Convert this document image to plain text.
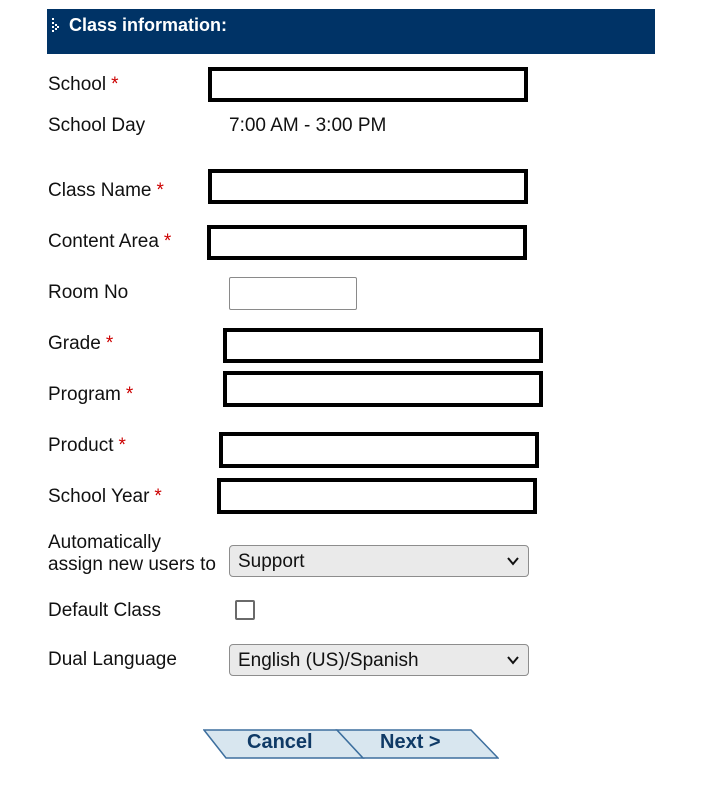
Class information:
School *
School Day	7:00 AM - 3:00 PM
Class Name *
Content Area *
Room No
Grade *
Program *
Product *
School Year *
Automatically
assign new users to Support
Default Class
Dual Language	English (US)/Spanish
Cancel	Next >
